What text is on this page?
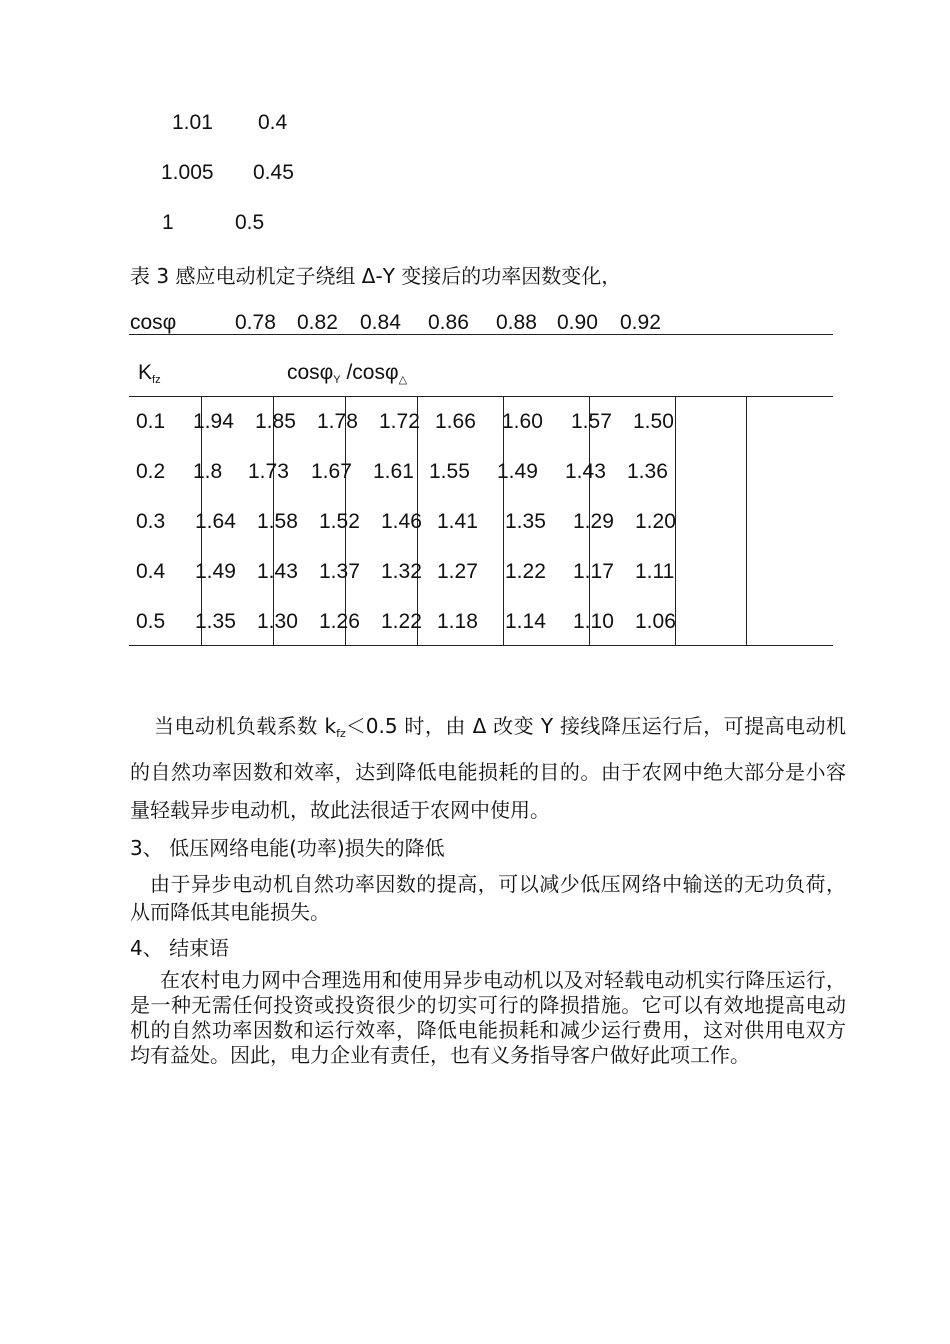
1.01 0.4
1.005 0.45
1	0.5
表 3 感应电动机定子绕组 Δ-Y 变接后的功率因数变化，
cosφ	0.78 0.82 0.84 0.86 0.88 0.90 0.92
$K_{fz}$	cosφ$_Y$ /cosφ$_\triangle$
0.1 1.94 1.85 1.78 1.72 1.66 1.60 1.57 1.50
0.2 1.8 1.73 1.67 1.61 1.55 1.49 1.43 1.36
0.3 1.64 1.58 1.52 1.46 1.41 1.35 1.29 1.20
0.4 1.49 1.43 1.37 1.32 1.27 1.22 1.17 1.11
0.5 1.35 1.30 1.26 1.22 1.18 1.14 1.10 1.06
当电动机负载系数 $k_{fz}<0.5$ 时，由 Δ 改变 Y 接线降压运行后，可提高电动机的自然功率因数和效率，达到降低电能损耗的目的。由于农网中绝大部分是小容量轻载异步电动机，故此法很适于农网中使用。
3、 低压网络电能(功率)损失的降低
由于异步电动机自然功率因数的提高，可以减少低压网络中输送的无功负荷，从而降低其电能损失。
4、 结束语
在农村电力网中合理选用和使用异步电动机以及对轻载电动机实行降压运行，是一种无需任何投资或投资很少的切实可行的降损措施。它可以有效地提高电动机的自然功率因数和运行效率，降低电能损耗和减少运行费用，这对供用电双方均有益处。因此，电力企业有责任，也有义务指导客户做好此项工作。
